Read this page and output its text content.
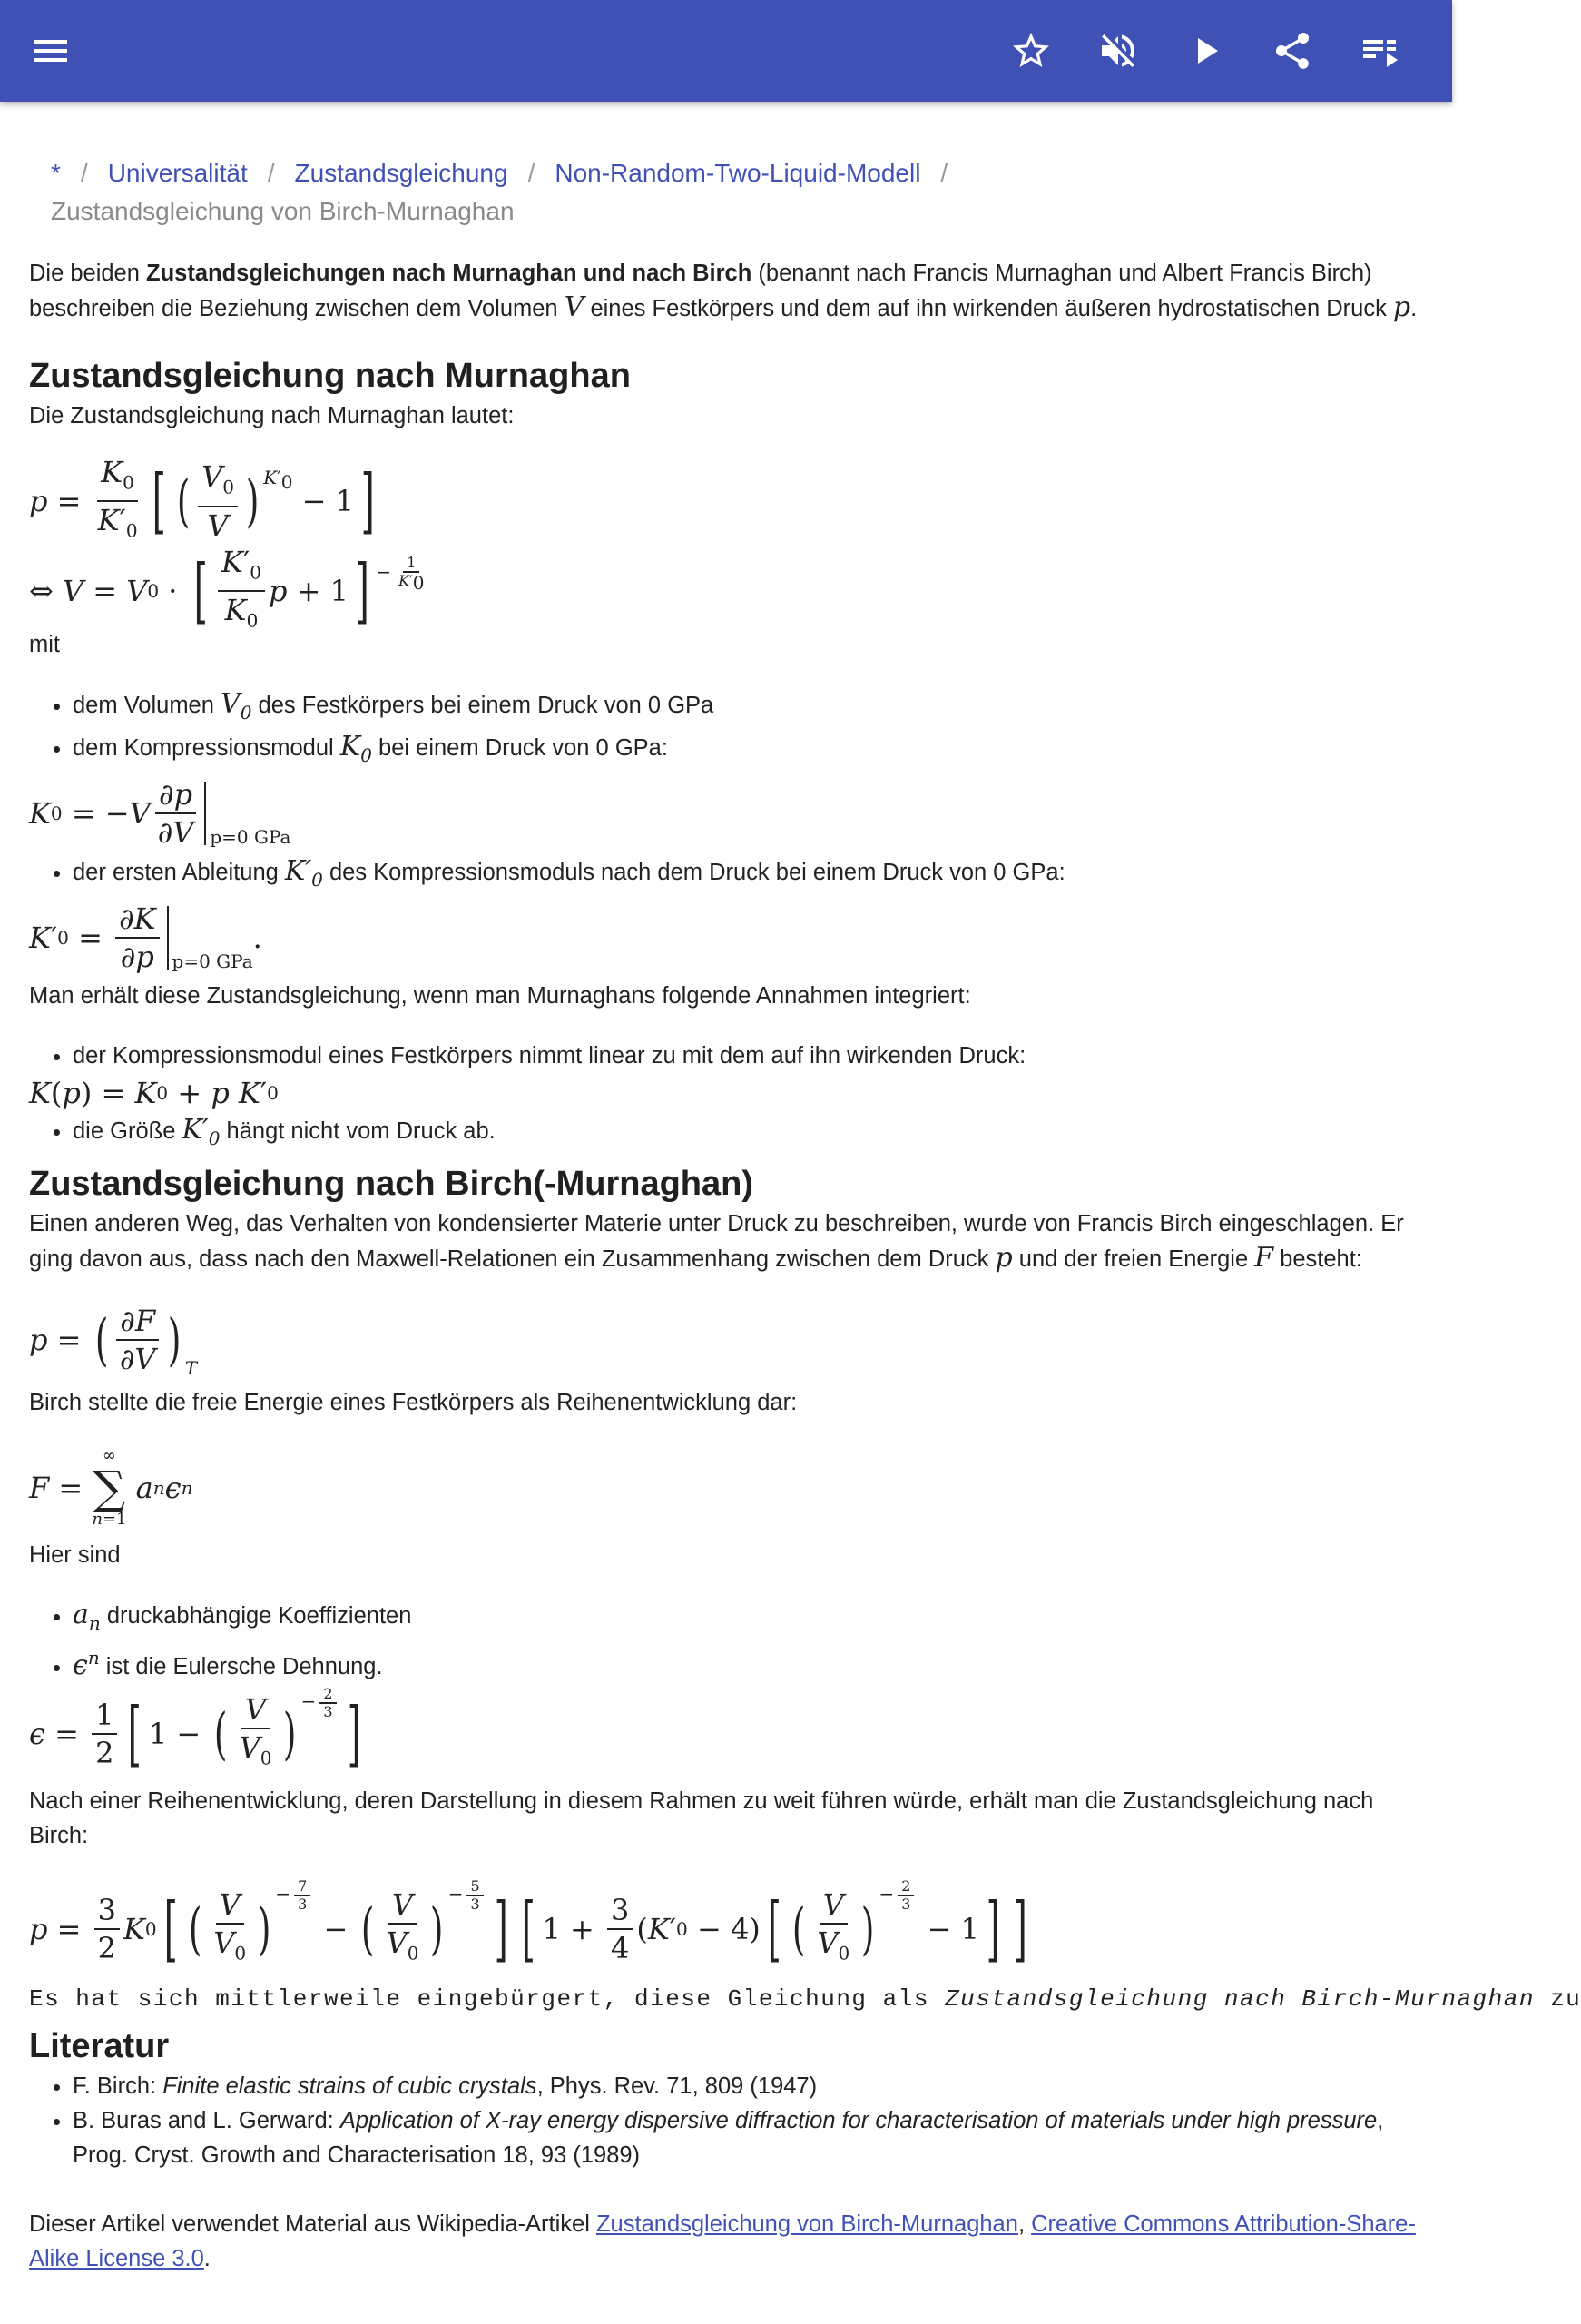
* / Universalität / Zustandsgleichung / Non-Random-Two-Liquid-Modell /
Zustandsgleichung von Birch-Murnaghan

Die beiden Zustandsgleichungen nach Murnaghan und nach Birch (benannt nach Francis Murnaghan und Albert Francis Birch) beschreiben die Beziehung zwischen dem Volumen V eines Festkörpers und dem auf ihn wirkenden äußeren hydrostatischen Druck p.

Zustandsgleichung nach Murnaghan

Die Zustandsgleichung nach Murnaghan lautet:

$p = \frac{K_0}{K'_0}$ [ ( $\frac{V_0}{V}$ ) $^{K'_0}$
− 1 ]
⇔ V = V 0 · [ $\frac{K'_0}{K_0}$ p + 1 ] $^{- \frac{1}{K'_0}}$

mit

• dem Volumen $V_0$ des Festkörpers bei einem Druck von 0 GPa
• dem Kompressionsmodul $K_0$ bei einem Druck von 0 GPa:
K 0 = − V $\frac{\partial p}{\partial V} p=0$ GPa
• der ersten Ableitung $K'_0$ des Kompressionsmoduls nach dem Druck bei einem Druck von 0 GPa:
K ′ $0 = \frac{\partial K}{\partial p} p=0$ GPa
.

Man erhält diese Zustandsgleichung, wenn man Murnaghans folgende Annahmen integriert:

• der Kompressionsmodul eines Festkörpers nimmt linear zu mit dem auf ihn wirkenden Druck:
K ( p ) = K 0 + p
K ′ 0
• die Größe $K'_0$ hängt nicht vom Druck ab.
Zustandsgleichung nach Birch(-Murnaghan)

Einen anderen Weg, das Verhalten von kondensierter Materie unter Druck zu beschreiben, wurde von Francis Birch eingeschlagen. Er ging davon aus, dass nach den Maxwell-Relationen ein Zusammenhang zwischen dem Druck p und der freien Energie F besteht:

p = ( $\frac{\partial F}{\partial V}$ ) $_T$

Birch stellte die freie Energie eines Festkörpers als Reihenentwicklung dar:

F =
∞
∑
n=1

a n ϵ n

Hier sind

• $a_n$ druckabhängige Koeffizienten
• $\epsilon^n$ ist die Eulersche Dehnung.
$\epsilon = \frac{1}{2}$ [ 1 − ( $\frac{V}{V_0} )^{- \frac{2}{3}}$ ]

Nach einer Reihenentwicklung, deren Darstellung in diesem Rahmen zu weit führen würde, erhält man die Zustandsgleichung nach Birch:

$p = \frac{3}{2}$ K 0 [ ( $\frac{V}{V_0}$ )
$^{- \frac{7}{3}}$
− ( $\frac{V}{V_0}$ )
$^{- \frac{5}{3}}$ ] [ $1 + \frac{3}{4}$ ( K ′ 0 − 4) [ ( $\frac{V}{V_0}$ )
$^{- \frac{2}{3}}$
− 1 ] ]
Es hat sich mittlerweile eingebürgert, diese Gleichung als Zustandsgleichung nach Birch-Murnaghan zu
Literatur
• F. Birch: Finite elastic strains of cubic crystals, Phys. Rev. 71, 809 (1947)
• B. Buras and L. Gerward: Application of X-ray energy dispersive diffraction for characterisation of materials under high pressure, Prog. Cryst. Growth and Characterisation 18, 93 (1989)

Dieser Artikel verwendet Material aus Wikipedia-Artikel Zustandsgleichung von Birch-Murnaghan, Creative Commons Attribution-Share-Alike License 3.0.
